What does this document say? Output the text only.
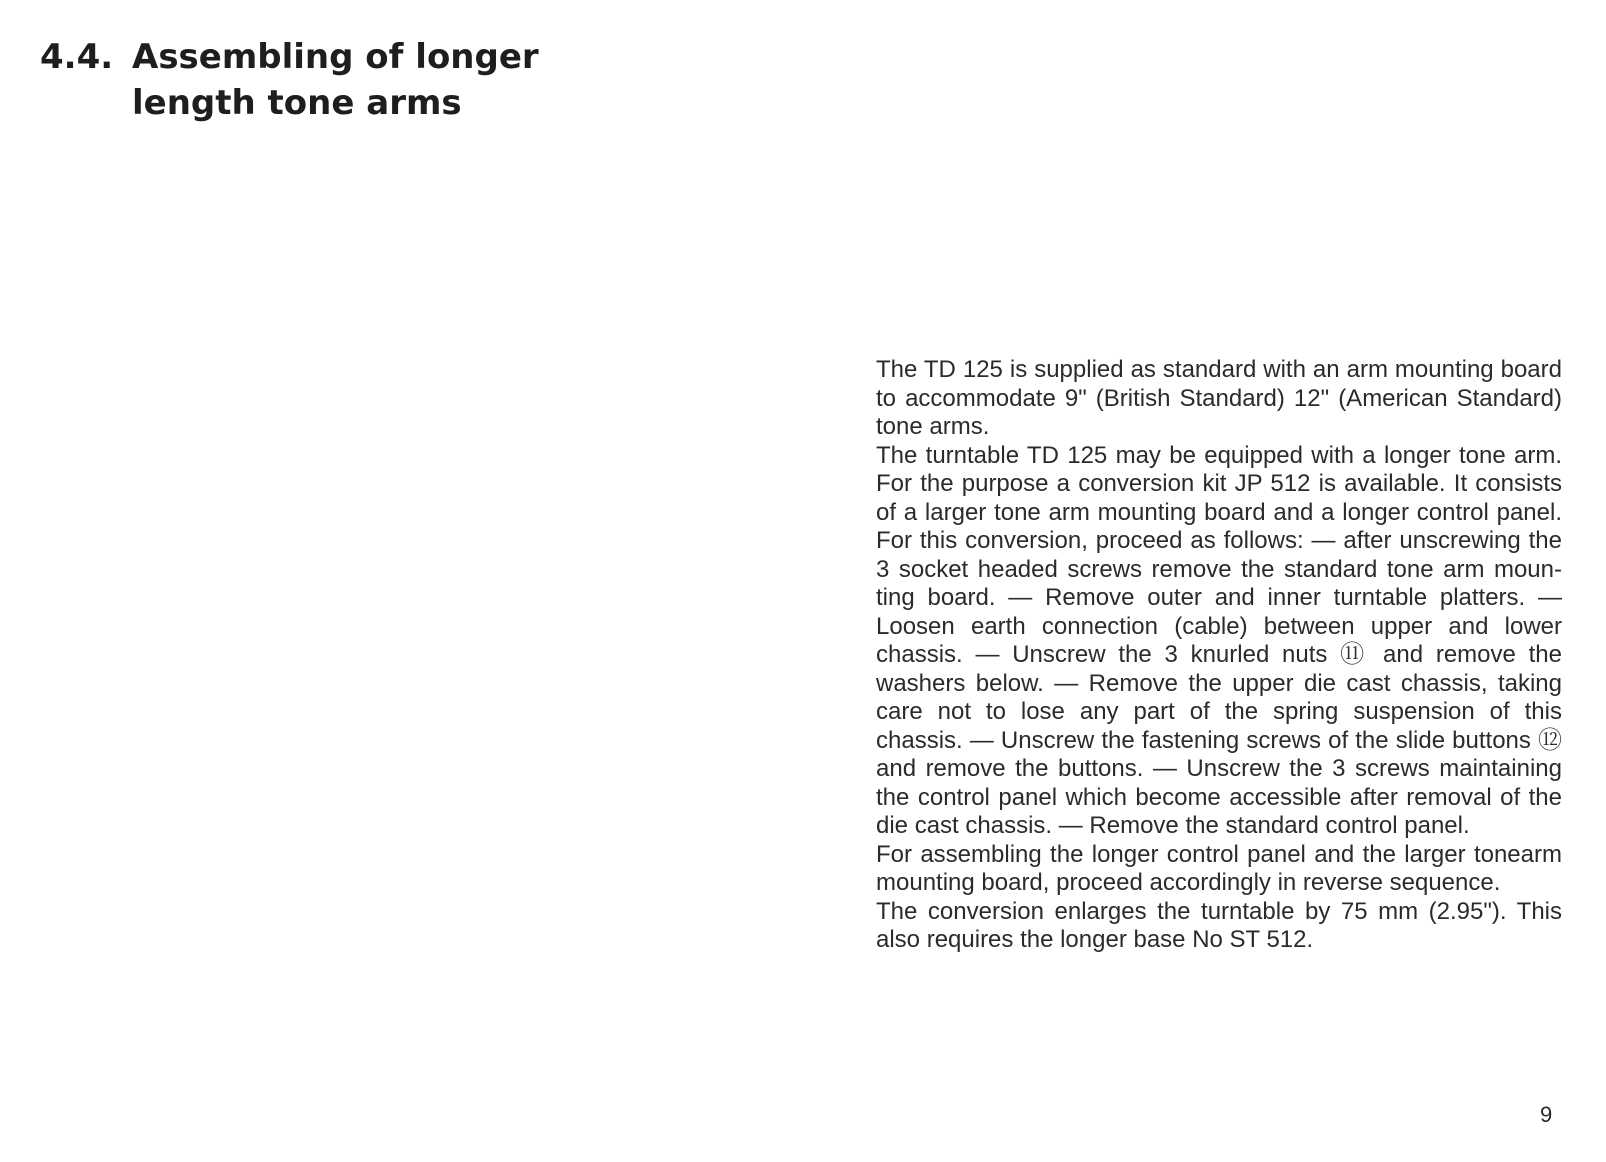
4.4. Assembling of longer
length tone arms

The TD 125 is supplied as standard with an arm mounting board to accommodate 9" (British Standard) 12" (American Standard) tone arms.

The turntable TD 125 may be equipped with a longer tone arm. For the purpose a conversion kit JP 512 is available. It consists of a larger tone arm mounting board and a longer control panel. For this conversion, proceed as follows: — after unscrewing the 3 socket headed screws remove the standard tone arm mounting board. — Remove outer and inner turntable platters. — Loosen earth connection (cable) between upper and lower chassis. — Unscrew the 3 knurled nuts ⑪ and remove the washers below. — Remove the upper die cast chassis, taking care not to lose any part of the spring suspension of this chassis. — Unscrew the fastening screws of the slide buttons ⑫ and remove the buttons. — Unscrew the 3 screws maintaining the control panel which become accessible after removal of the die cast chassis. — Remove the standard control panel.

For assembling the longer control panel and the larger tonearm mounting board, proceed accordingly in reverse sequence.

The conversion enlarges the turntable by 75 mm (2.95"). This also requires the longer base No ST 512.

9
